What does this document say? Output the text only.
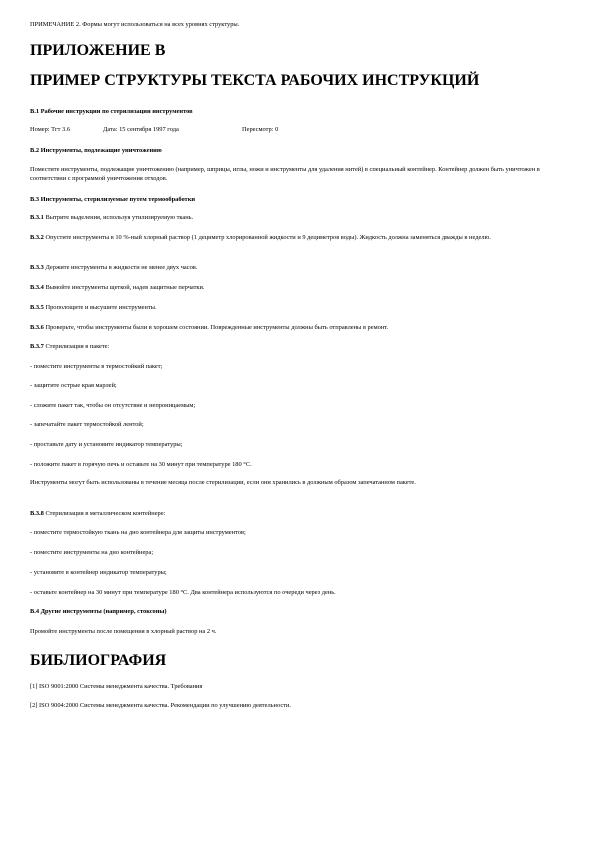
ПРИМЕЧАНИЕ 2. Формы могут использоваться на всех уровнях структуры.

ПРИЛОЖЕНИЕ В
ПРИМЕР СТРУКТУРЫ ТЕКСТА РАБОЧИХ ИНСТРУКЦИЙ

В.1 Рабочие инструкции по стерилизации инструментов

Номер: Тгт 3.6	Дата: 15 сентября 1997 года	Пересмотр: 0

В.2 Инструменты, подлежащие уничтожению

Поместите инструменты, подлежащие уничтожению (например, шприцы, иглы, ножи и инструменты для удаления нитей) в специальный контейнер. Контейнер должен быть уничтожен в соответствии с программой уничтожения отходов.

В.3 Инструменты, стерилизуемые путем термообработки

В.3.1 Вытрите выделения, используя утилизируемую ткань.

В.3.2 Опустите инструменты в 10 %-ный хлорный раствор (1 дециметр хлорированной жидкости и 9 дециметров воды). Жидкость должна заменяться дважды в неделю.

В.3.3 Держите инструменты в жидкости не менее двух часов.

В.3.4 Вымойте инструменты щеткой, надев защитные перчатки.

В.3.5 Прополощите и высушите инструменты.

В.3.6 Проверьте, чтобы инструменты были в хорошем состоянии. Поврежденные инструменты должны быть отправлены в ремонт.

В.3.7 Стерилизация в пакете:

- поместите инструменты в термостойкий пакет;

- защитите острые края марлей;

- сложите пакет так, чтобы он отсутствие и непроницаемым;

- запечатайте пакет термостойкой лентой;

- проставьте дату и установите индикатор температуры;

- положите пакет в горячую печь и оставьте на 30 минут при температуре 180 °С.

Инструменты могут быть использованы в течение месяца после стерилизации, если они хранились в должным образом запечатанном пакете.

В.3.8 Стерилизация в металлическом контейнере:

- поместите термостойкую ткань на дно контейнера для защиты инструментов;

- поместите инструменты на дно контейнера;

- установите в контейнер индикатор температуры;

- оставьте контейнер на 30 минут при температуре 180 °С. Два контейнера используются по очереди через день.

В.4 Другие инструменты (например, стоксоны)

Промойте инструменты после помещения в хлорный раствор на 2 ч.

БИБЛИОГРАФИЯ

[1] ISO 9001:2000 Системы менеджмента качества. Требования

[2] ISO 9004:2000 Системы менеджмента качества. Рекомендации по улучшению деятельности.
